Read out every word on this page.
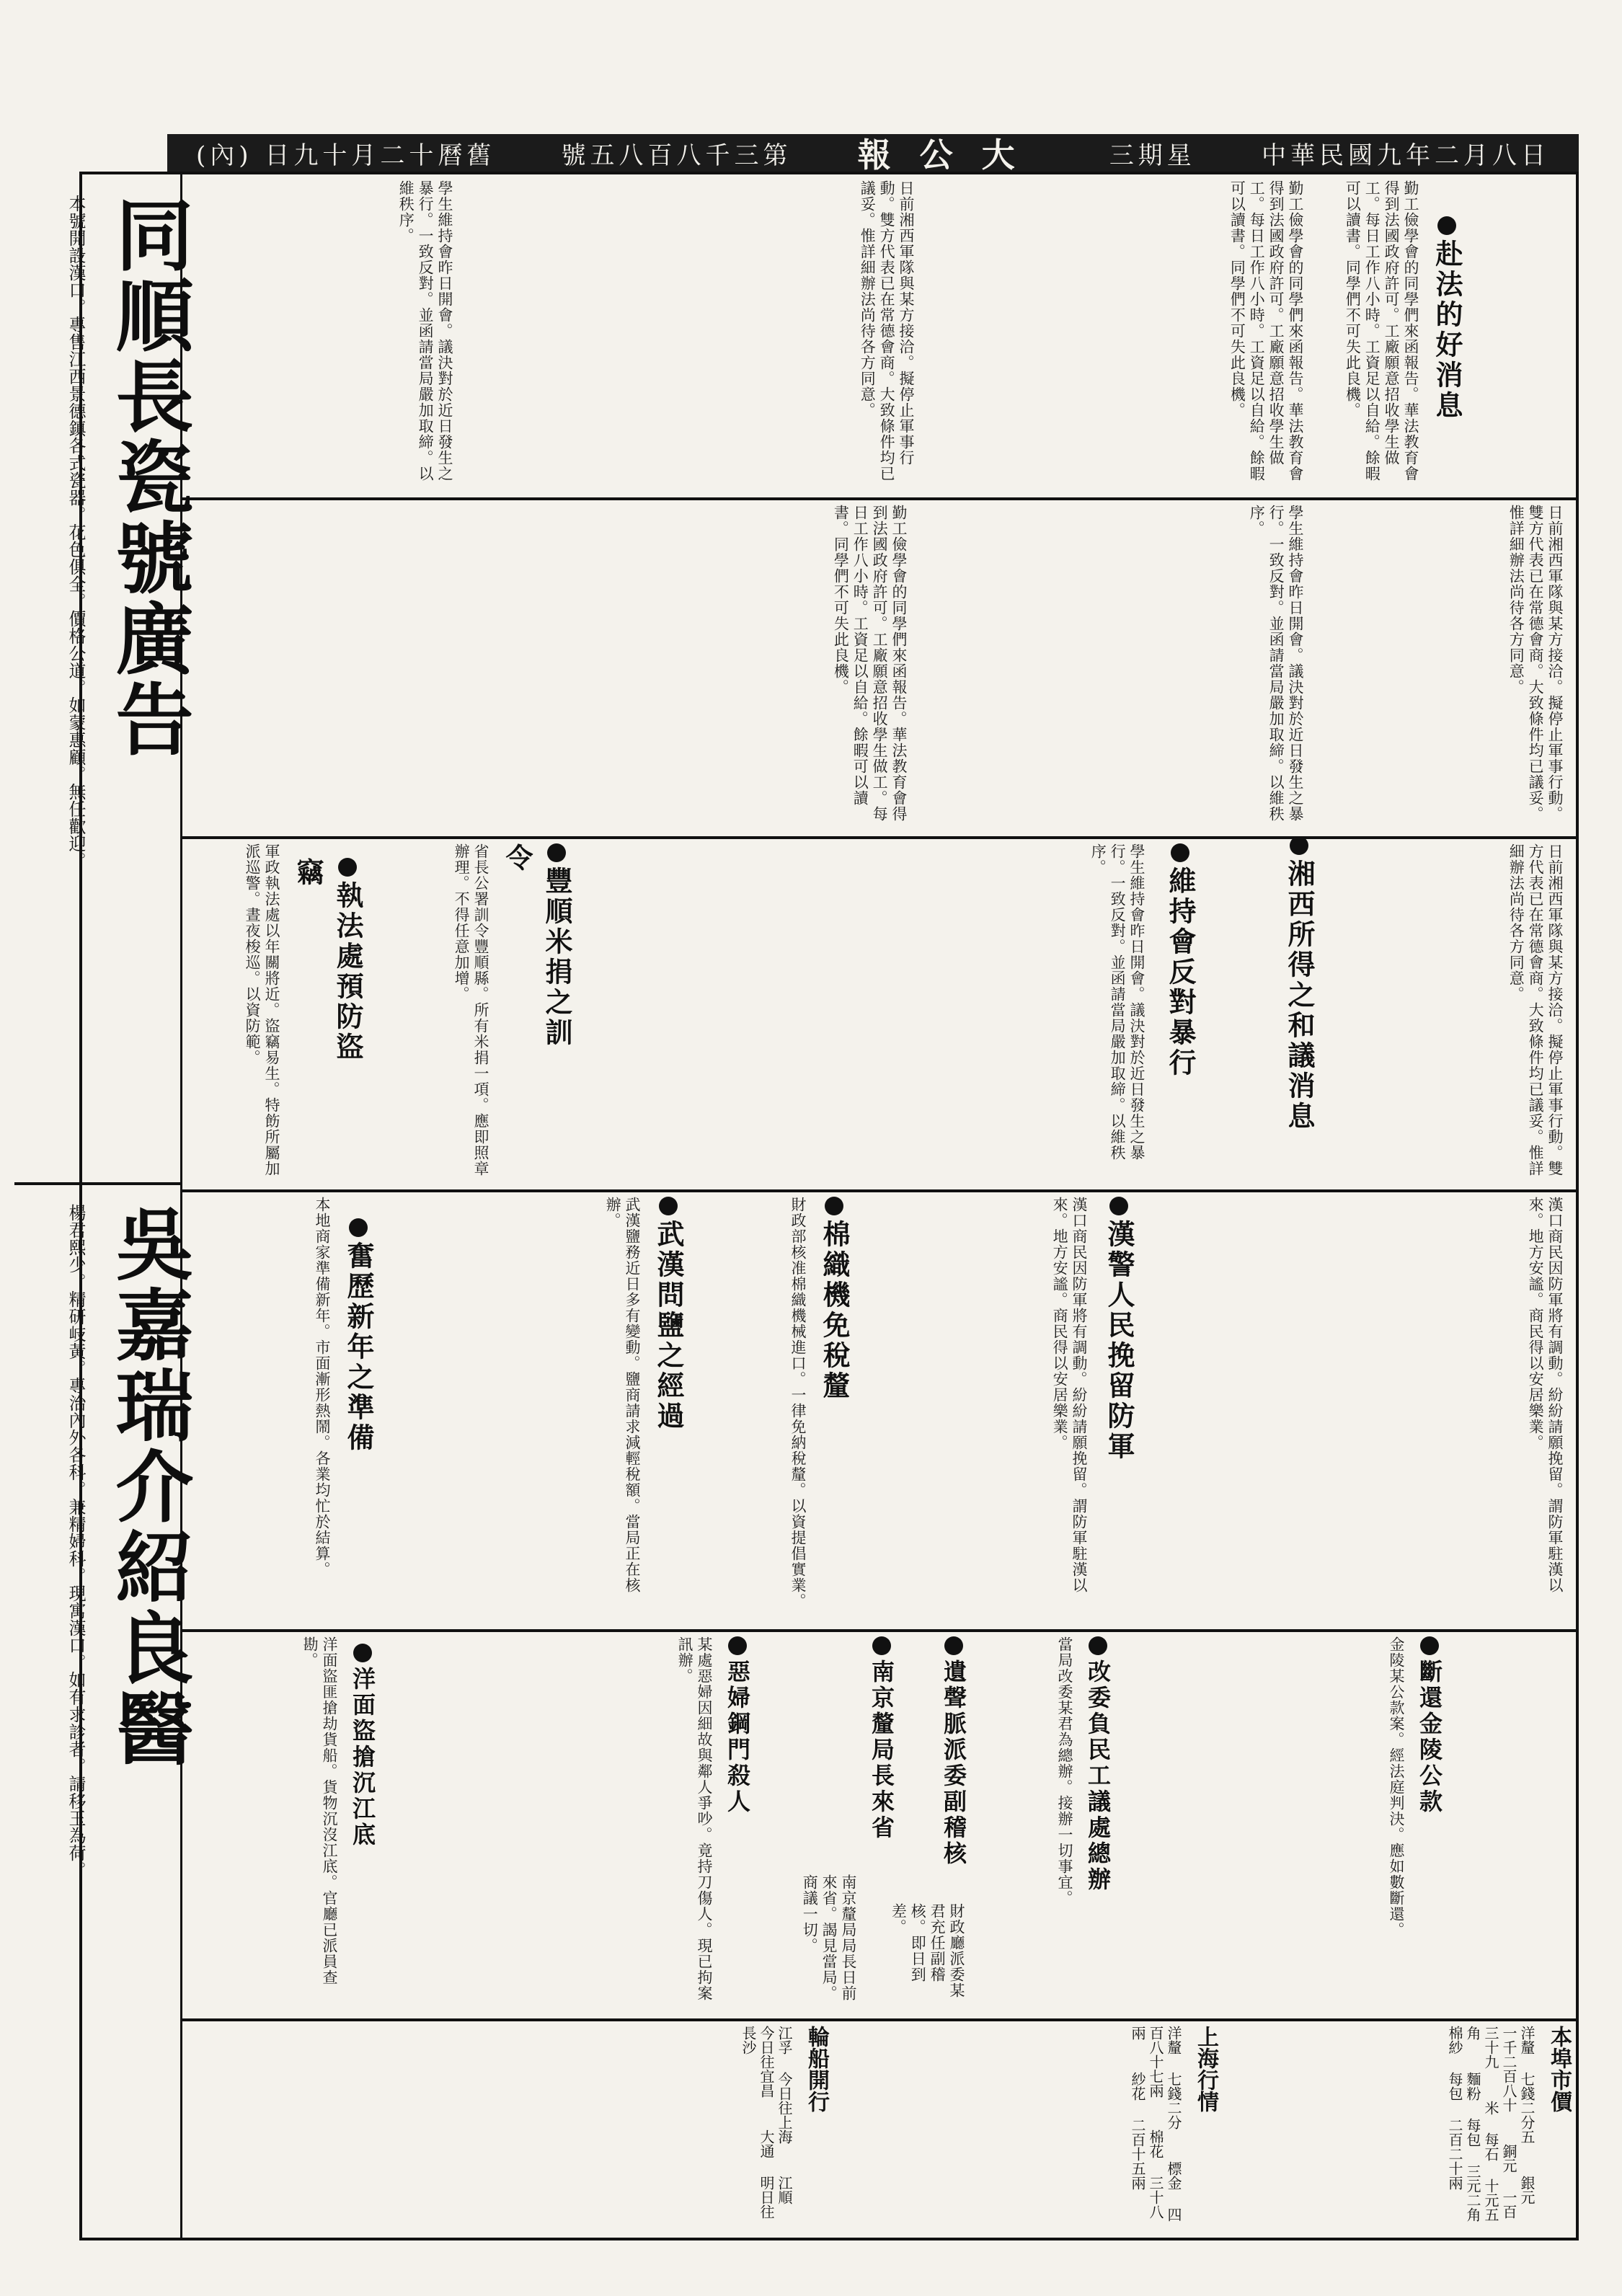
(內) 日九十月二十曆舊	號五八百八千三第 報公大	三期星	中華民國九年二月八日
赴法的好消息
勤工儉學會的同學們來函報告。華法教育會得到法國政府許可。工廠願意招收學生做工。每日工作八小時。工資足以自給。餘暇可以讀書。同學們不可失此良機。
勤工儉學會的同學們來函報告。華法教育會得到法國政府許可。工廠願意招收學生做工。每日工作八小時。工資足以自給。餘暇可以讀書。同學們不可失此良機。
日前湘西軍隊與某方接洽。擬停止軍事行動。雙方代表已在常德會商。大致條件均已議妥。惟詳細辦法尚待各方同意。
學生維持會昨日開會。議決對於近日發生之暴行。一致反對。並函請當局嚴加取締。以維秩序。
湘西所得之和議消息
日前湘西軍隊與某方接洽。擬停止軍事行動。雙方代表已在常德會商。大致條件均已議妥。惟詳細辦法尚待各方同意。
學生維持會昨日開會。議決對於近日發生之暴行。一致反對。並函請當局嚴加取締。以維秩序。
勤工儉學會的同學們來函報告。華法教育會得到法國政府許可。工廠願意招收學生做工。每日工作八小時。工資足以自給。餘暇可以讀書。同學們不可失此良機。
維持會反對暴行
豐順米捐之訓令
執法處預防盜竊	日前湘西軍隊與某方接洽。擬停止軍事行動。雙方代表已在常德會商。大致條件均已議妥。惟詳細辦法尚待各方同意。
學生維持會昨日開會。議決對於近日發生之暴行。一致反對。並函請當局嚴加取締。以維秩序。
省長公署訓令豐順縣。所有米捐一項。應即照章辦理。不得任意加增。
軍政執法處以年關將近。盜竊易生。特飭所屬加派巡警。晝夜梭巡。以資防範。
漢警人民挽留防軍
棉織機免稅釐
武漢問鹽之經過
奮歷新年之準備	漢口商民因防軍將有調動。紛紛請願挽留。謂防軍駐漢以來。地方安謐。商民得以安居樂業。
漢口商民因防軍將有調動。紛紛請願挽留。謂防軍駐漢以來。地方安謐。商民得以安居樂業。
財政部核准棉織機械進口。一律免納稅釐。以資提倡實業。
武漢鹽務近日多有變動。鹽商請求減輕稅額。當局正在核辦。
本地商家準備新年。市面漸形熱鬧。各業均忙於結算。
斷還金陵公款
改委負民工議處總辦
遺聲脈派委副稽核
南京釐局長來省
惡婦鋼門殺人
洋面盜搶沉江底	金陵某公款案。經法庭判決。應如數斷還。
當局改委某君為總辦。接辦一切事宜。
財政廳派委某君充任副稽核。即日到差。
南京釐局局長日前來省。謁見當局。商議一切。
某處惡婦因細故與鄰人爭吵。竟持刀傷人。現已拘案訊辦。
洋面盜匪搶劫貨船。貨物沉沒江底。官廳已派員查勘。
本埠市價
洋釐 七錢二分五　 銀元 一千二百八十　 銅元 一百三十九　 米 每石 十元五角　 麵粉 每包 三元二角　 棉紗 每包 二百二十兩
上海行情
洋釐 七錢二分　 標金 四百八十七兩　 棉花 三十八兩　 紗花 二百十五兩
輪船開行
江孚 今日往上海　 江順 今日往宜昌　 大通 明日往長沙
同順長瓷號廣告
本號開設漢口。專售江西景德鎮各式瓷器。花色俱全。價格公道。如蒙惠顧。無任歡迎。
吳嘉瑞介紹良醫
楊君熙少。精研岐黃。專治內外各科。兼精婦科。現寓漢口。如有求診者。請移玉為荷。
